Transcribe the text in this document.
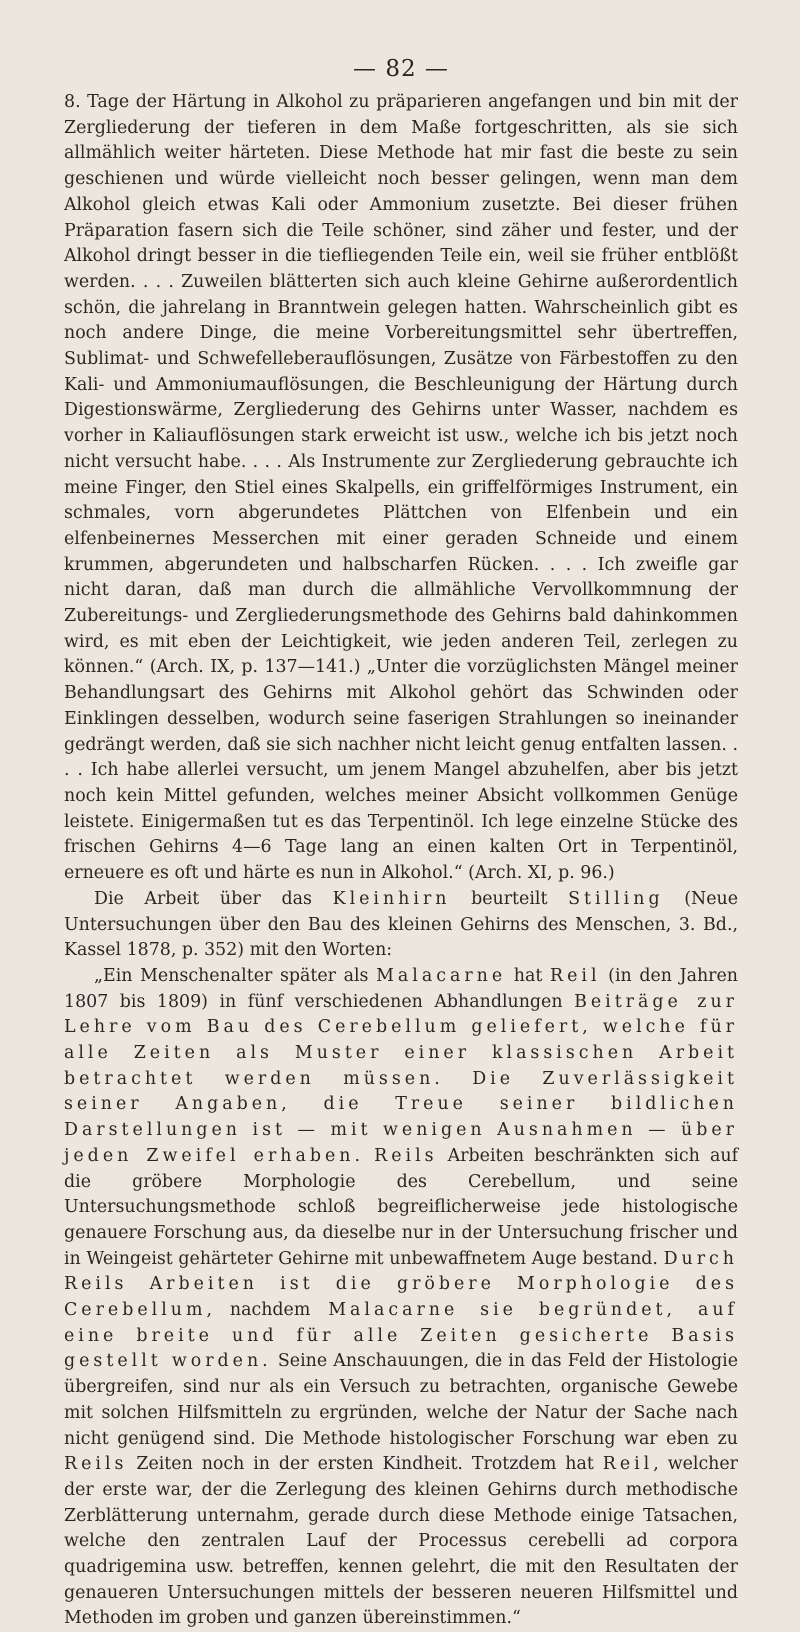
— 82 —

8. Tage der Härtung in Alkohol zu präparieren angefangen und bin mit der Zergliederung der tieferen in dem Maße fortgeschritten, als sie sich allmählich weiter härteten. Diese Methode hat mir fast die beste zu sein geschienen und würde vielleicht noch besser gelingen, wenn man dem Alkohol gleich etwas Kali oder Ammonium zusetzte. Bei dieser frühen Präparation fasern sich die Teile schöner, sind zäher und fester, und der Alkohol dringt besser in die tiefliegenden Teile ein, weil sie früher entblößt werden. . . . Zuweilen blätterten sich auch kleine Gehirne außerordentlich schön, die jahrelang in Branntwein gelegen hatten. Wahrscheinlich gibt es noch andere Dinge, die meine Vorbereitungsmittel sehr übertreffen, Sublimat- und Schwefelleberauflösungen, Zusätze von Färbestoffen zu den Kali- und Ammoniumauflösungen, die Beschleunigung der Härtung durch Digestionswärme, Zergliederung des Gehirns unter Wasser, nachdem es vorher in Kaliauflösungen stark erweicht ist usw., welche ich bis jetzt noch nicht versucht habe. . . . Als Instrumente zur Zergliederung gebrauchte ich meine Finger, den Stiel eines Skalpells, ein griffelförmiges Instrument, ein schmales, vorn abgerundetes Plättchen von Elfenbein und ein elfenbeinernes Messerchen mit einer geraden Schneide und einem krummen, abgerundeten und halbscharfen Rücken. . . . Ich zweifle gar nicht daran, daß man durch die allmähliche Vervollkommnung der Zubereitungs- und Zergliederungsmethode des Gehirns bald dahinkommen wird, es mit eben der Leichtigkeit, wie jeden anderen Teil, zerlegen zu können.“ (Arch. IX, p. 137—141.) „Unter die vorzüglichsten Mängel meiner Behandlungsart des Gehirns mit Alkohol gehört das Schwinden oder Einklingen desselben, wodurch seine faserigen Strahlungen so ineinander gedrängt werden, daß sie sich nachher nicht leicht genug entfalten lassen. . . . Ich habe allerlei versucht, um jenem Mangel abzuhelfen, aber bis jetzt noch kein Mittel gefunden, welches meiner Absicht vollkommen Genüge leistete. Einigermaßen tut es das Terpentinöl. Ich lege einzelne Stücke des frischen Gehirns 4—6 Tage lang an einen kalten Ort in Terpentinöl, erneuere es oft und härte es nun in Alkohol.“ (Arch. XI, p. 96.)

Die Arbeit über das Kleinhirn beurteilt Stilling (Neue Untersuchungen über den Bau des kleinen Gehirns des Menschen, 3. Bd., Kassel 1878, p. 352) mit den Worten:

„Ein Menschenalter später als Malacarne hat Reil (in den Jahren 1807 bis 1809) in fünf verschiedenen Abhandlungen Beiträge zur Lehre vom Bau des Cerebellum geliefert, welche für alle Zeiten als Muster einer klassischen Arbeit betrachtet werden müssen. Die Zuverlässigkeit seiner Angaben, die Treue seiner bildlichen Darstellungen ist — mit wenigen Ausnahmen — über jeden Zweifel erhaben. Reils Arbeiten beschränkten sich auf die gröbere Morphologie des Cerebellum, und seine Untersuchungsmethode schloß begreiflicherweise jede histologische genauere Forschung aus, da dieselbe nur in der Untersuchung frischer und in Weingeist gehärteter Gehirne mit unbewaffnetem Auge bestand. Durch Reils Arbeiten ist die gröbere Morphologie des Cerebellum, nachdem Malacarne sie begründet, auf eine breite und für alle Zeiten gesicherte Basis gestellt worden. Seine Anschauungen, die in das Feld der Histologie übergreifen, sind nur als ein Versuch zu betrachten, organische Gewebe mit solchen Hilfsmitteln zu ergründen, welche der Natur der Sache nach nicht genügend sind. Die Methode histologischer Forschung war eben zu Reils Zeiten noch in der ersten Kindheit. Trotzdem hat Reil, welcher der erste war, der die Zerlegung des kleinen Gehirns durch methodische Zerblätterung unternahm, gerade durch diese Methode einige Tatsachen, welche den zentralen Lauf der Processus cerebelli ad corpora quadrigemina usw. betreffen, kennen gelehrt, die mit den Resultaten der genaueren Untersuchungen mittels der besseren neueren Hilfsmittel und Methoden im groben und ganzen übereinstimmen.“
